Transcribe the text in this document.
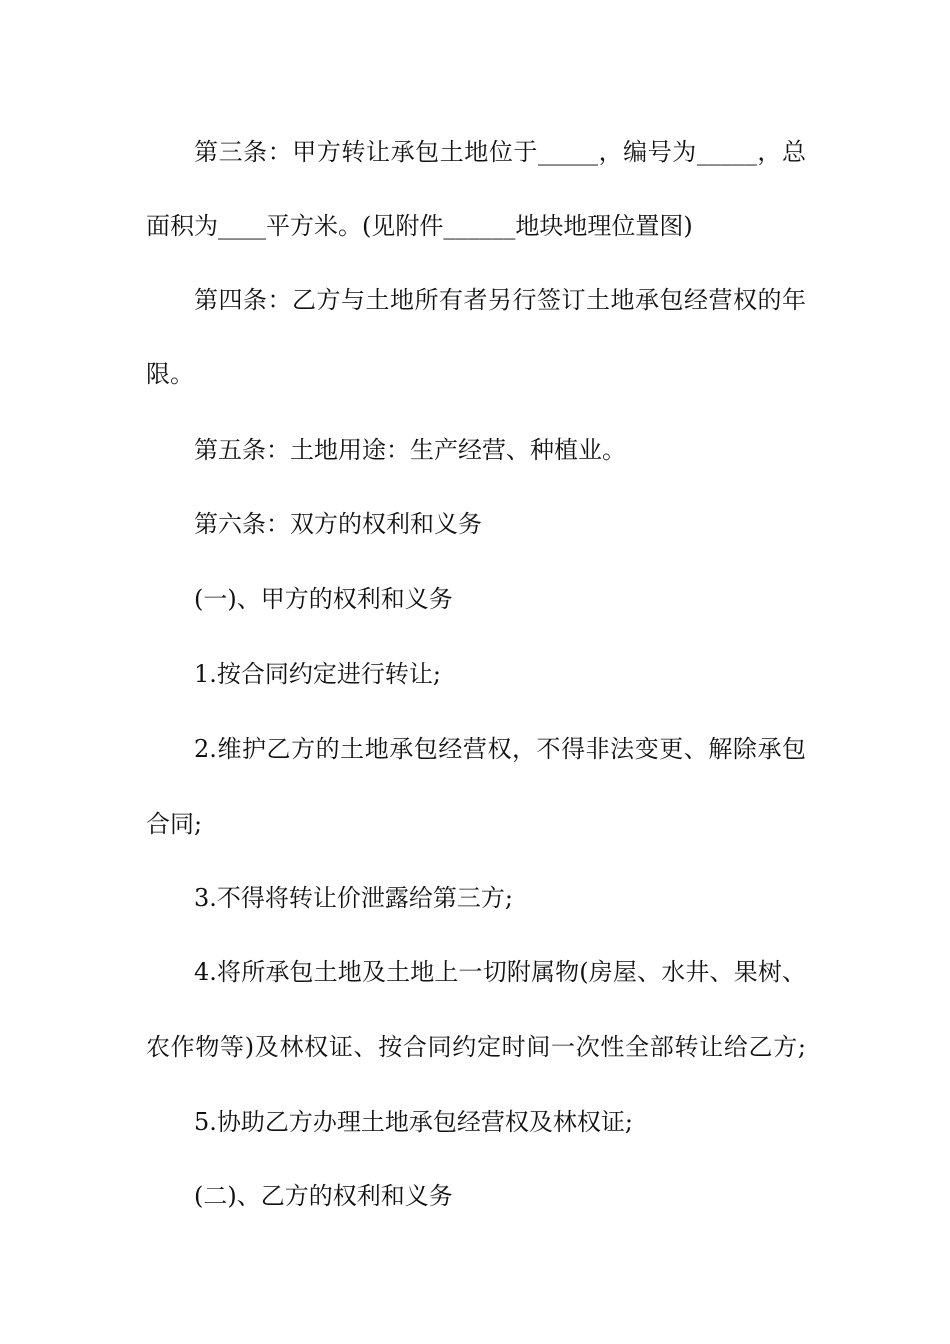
第三条：甲方转让承包土地位于_____，编号为_____，总
面积为____平方米。(见附件______地块地理位置图)
第四条：乙方与土地所有者另行签订土地承包经营权的年
限。
第五条：土地用途：生产经营、种植业。
第六条：双方的权利和义务
(一)、甲方的权利和义务
1.按合同约定进行转让;
2.维护乙方的土地承包经营权，不得非法变更、解除承包
合同;
3.不得将转让价泄露给第三方;
4.将所承包土地及土地上一切附属物(房屋、水井、果树、
农作物等)及林权证、按合同约定时间一次性全部转让给乙方;
5.协助乙方办理土地承包经营权及林权证;
(二)、乙方的权利和义务
